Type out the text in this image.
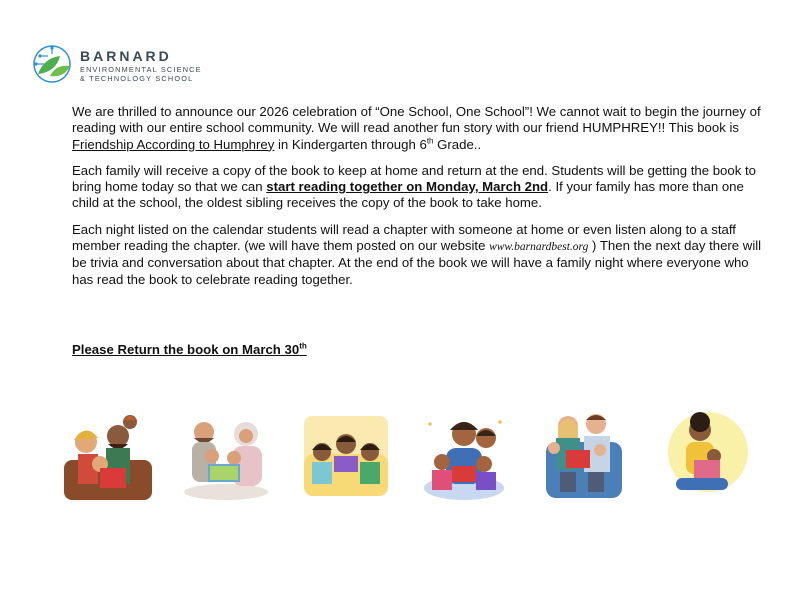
BARNARD
ENVIRONMENTAL SCIENCE
& TECHNOLOGY SCHOOL

We are thrilled to announce our 2026 celebration of “One School, One School”! We cannot wait to begin the journey of reading with our entire school community. We will read another fun story with our friend HUMPHREY!! This book is Friendship According to Humphrey in Kindergarten through 6th Grade..

Each family will receive a copy of the book to keep at home and return at the end. Students will be getting the book to bring home today so that we can start reading together on Monday, March 2nd. If your family has more than one child at the school, the oldest sibling receives the copy of the book to take home.

Each night listed on the calendar students will read a chapter with someone at home or even listen along to a staff member reading the chapter. (we will have them posted on our website www.barnardbest.org ) Then the next day there will be trivia and conversation about that chapter. At the end of the book we will have a family night where everyone who has read the book to celebrate reading together.

Please Return the book on March 30th
